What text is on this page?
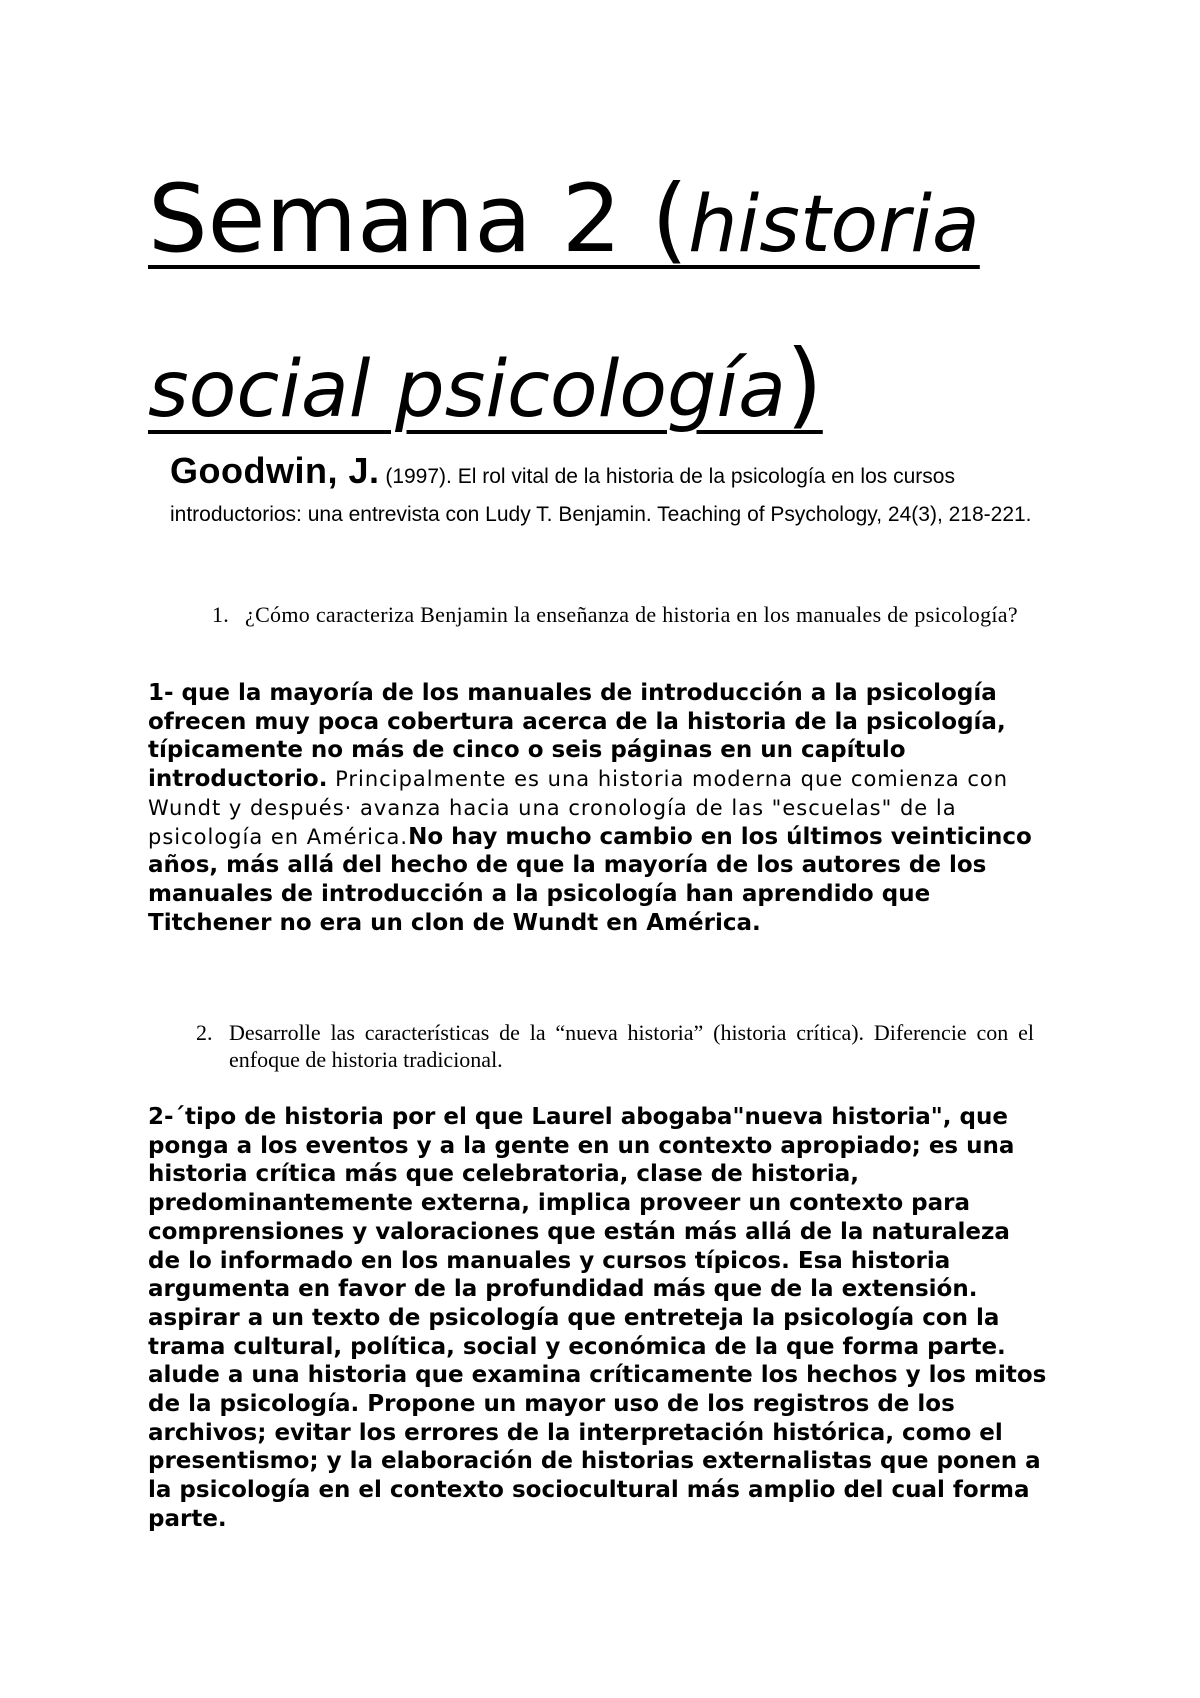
Semana 2 (historia
social psicología)

Goodwin, J. (1997). El rol vital de la historia de la psicología en los cursos introductorios: una entrevista con Ludy T. Benjamin. Teaching of Psychology, 24(3), 218-221.

1. ¿Cómo caracteriza Benjamin la enseñanza de historia en los manuales de psicología?

1- que la mayoría de los manuales de introducción a la psicología ofrecen muy poca cobertura acerca de la historia de la psicología, típicamente no más de cinco o seis páginas en un capítulo introductorio. Principalmente es una historia moderna que comienza con Wundt y después· avanza hacia una cronología de las "escuelas" de la psicología en América.No hay mucho cambio en los últimos veinticinco años, más allá del hecho de que la mayoría de los autores de los manuales de introducción a la psicología han aprendido que Titchener no era un clon de Wundt en América.

2. Desarrolle las características de la “nueva historia” (historia crítica). Diferencie con el enfoque de historia tradicional.

2-´tipo de historia por el que Laurel abogaba"nueva historia", que ponga a los eventos y a la gente en un contexto apropiado; es una historia crítica más que celebratoria, clase de historia, predominantemente externa, implica proveer un contexto para comprensiones y valoraciones que están más allá de la naturaleza de lo informado en los manuales y cursos típicos. Esa historia argumenta en favor de la profundidad más que de la extensión. aspirar a un texto de psicología que entreteja la psicología con la trama cultural, política, social y económica de la que forma parte. alude a una historia que examina críticamente los hechos y los mitos de la psicología. Propone un mayor uso de los registros de los archivos; evitar los errores de la interpretación histórica, como el presentismo; y la elaboración de historias externalistas que ponen a la psicología en el contexto sociocultural más amplio del cual forma parte.
